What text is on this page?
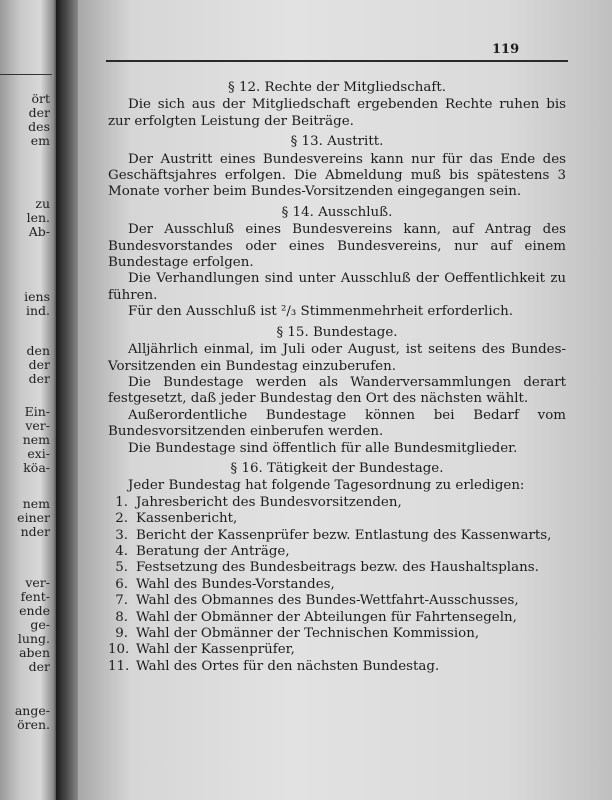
ört
der
des
em
zu
len.
Ab-
iens
ind.
den
der
der
Ein-
ver-
nem
exi-
köa-
nem
einer
nder
ver-
fent-
ende
ge-
lung.
aben
der
ange-
ören.
119

§ 12. Rechte der Mitgliedschaft.

Die sich aus der Mitgliedschaft ergebenden Rechte ruhen bis zur erfolgten Leistung der Beiträge.

§ 13. Austritt.

Der Austritt eines Bundesvereins kann nur für das Ende des Geschäftsjahres erfolgen. Die Abmeldung muß bis spätestens 3 Monate vorher beim Bundes-Vorsitzenden eingegangen sein.

§ 14. Ausschluß.

Der Ausschluß eines Bundesvereins kann, auf Antrag des Bundesvorstandes oder eines Bundesvereins, nur auf einem Bundestage erfolgen.

Die Verhandlungen sind unter Ausschluß der Oeffentlichkeit zu führen.

Für den Ausschluß ist ²/₃ Stimmenmehrheit erforderlich.

§ 15. Bundestage.

Alljährlich einmal, im Juli oder August, ist seitens des Bundes-Vorsitzenden ein Bundestag einzuberufen.

Die Bundestage werden als Wanderversammlungen derart festgesetzt, daß jeder Bundestag den Ort des nächsten wählt.

Außerordentliche Bundestage können bei Bedarf vom Bundesvorsitzenden einberufen werden.

Die Bundestage sind öffentlich für alle Bundesmitglieder.

§ 16. Tätigkeit der Bundestage.

Jeder Bundestag hat folgende Tagesordnung zu erledigen:

1. Jahresbericht des Bundesvorsitzenden,
2. Kassenbericht,
3. Bericht der Kassenprüfer bezw. Entlastung des Kassenwarts,
4. Beratung der Anträge,
5. Festsetzung des Bundesbeitrags bezw. des Haushaltsplans.
6. Wahl des Bundes-Vorstandes,
7. Wahl des Obmannes des Bundes-Wettfahrt-Ausschusses,
8. Wahl der Obmänner der Abteilungen für Fahrtensegeln,
9. Wahl der Obmänner der Technischen Kommission,
10. Wahl der Kassenprüfer,
11. Wahl des Ortes für den nächsten Bundestag.
